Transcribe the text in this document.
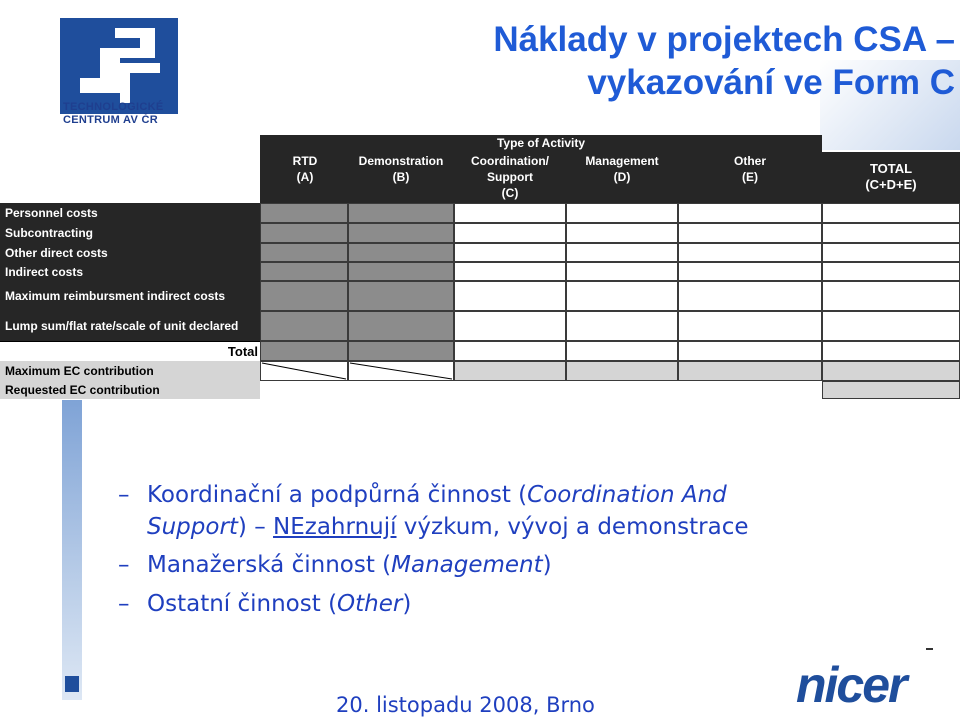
TECHNOLOGICKÉ
CENTRUM AV ČR
Náklady v projektech CSA –
vykazování ve Form C
Type of Activity
RTD
(A)
Demonstration
(B)
Coordination/
Support
(C)
Management
(D)
Other
(E)
TOTAL
(C+D+E)
Personnel costs
Subcontracting
Other direct costs
Indirect costs
Maximum reimbursment indirect costs
Lump sum/flat rate/scale of unit declared
Total
Maximum EC contribution
Requested EC contribution
– Koordinační a podpůrná činnost (Coordination And
Support) – NEzahrnují výzkum, vývoj a demonstrace
– Manažerská činnost (Management)
– Ostatní činnost (Other)
20. listopadu 2008, Brno	nicer
